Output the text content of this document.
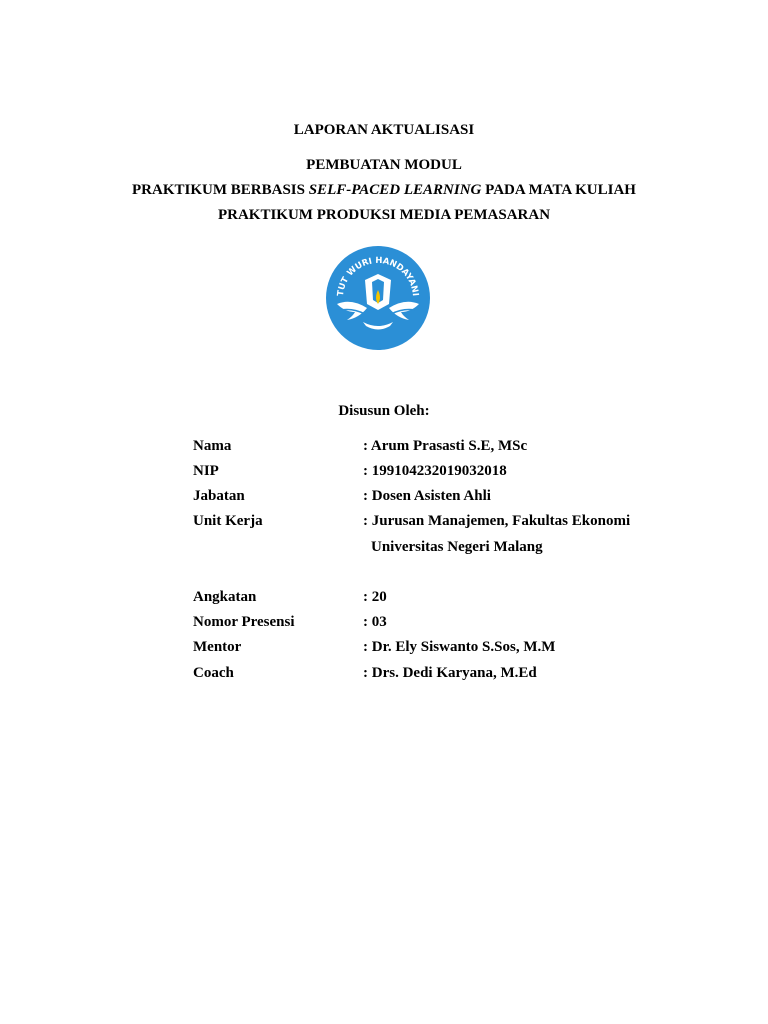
LAPORAN AKTUALISASI
PEMBUATAN MODUL
PRAKTIKUM BERBASIS SELF-PACED LEARNING PADA MATA KULIAH
PRAKTIKUM PRODUKSI MEDIA PEMASARAN
TUT WURI HANDAYANI
Disusun Oleh:
Nama	: Arum Prasasti S.E, MSc
NIP	: 199104232019032018
Jabatan	: Dosen Asisten Ahli
Unit Kerja	: Jurusan Manajemen, Fakultas Ekonomi
Universitas Negeri Malang
Angkatan	: 20
Nomor Presensi	: 03
Mentor	: Dr. Ely Siswanto S.Sos, M.M
Coach	: Drs. Dedi Karyana, M.Ed
